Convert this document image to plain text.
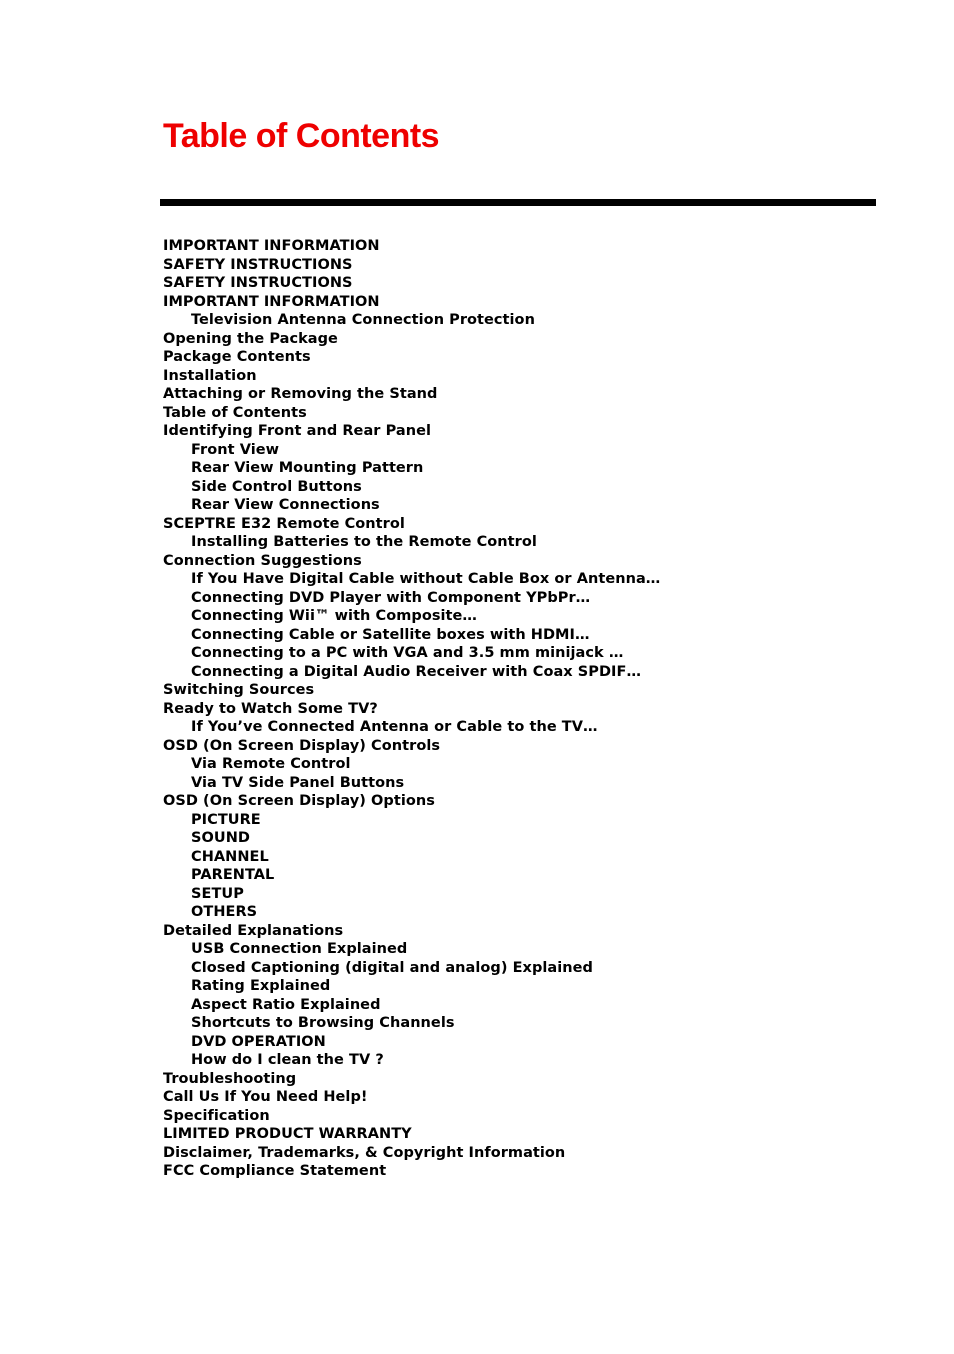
Table of Contents
IMPORTANT INFORMATION
SAFETY INSTRUCTIONS
SAFETY INSTRUCTIONS
IMPORTANT INFORMATION
Television Antenna Connection Protection
Opening the Package
Package Contents
Installation
Attaching or Removing the Stand
Table of Contents
Identifying Front and Rear Panel
Front View
Rear View Mounting Pattern
Side Control Buttons
Rear View Connections
SCEPTRE E32 Remote Control
Installing Batteries to the Remote Control
Connection Suggestions
If You Have Digital Cable without Cable Box or Antenna…
Connecting DVD Player with Component YPbPr…
Connecting Wii™ with Composite…
Connecting Cable or Satellite boxes with HDMI…
Connecting to a PC with VGA and 3.5 mm minijack …
Connecting a Digital Audio Receiver with Coax SPDIF…
Switching Sources
Ready to Watch Some TV?
If You’ve Connected Antenna or Cable to the TV…
OSD (On Screen Display) Controls
Via Remote Control
Via TV Side Panel Buttons
OSD (On Screen Display) Options
PICTURE
SOUND
CHANNEL
PARENTAL
SETUP
OTHERS
Detailed Explanations
USB Connection Explained
Closed Captioning (digital and analog) Explained
Rating Explained
Aspect Ratio Explained
Shortcuts to Browsing Channels
DVD OPERATION
How do I clean the TV ?
Troubleshooting
Call Us If You Need Help!
Specification
LIMITED PRODUCT WARRANTY
Disclaimer, Trademarks, & Copyright Information
FCC Compliance Statement
